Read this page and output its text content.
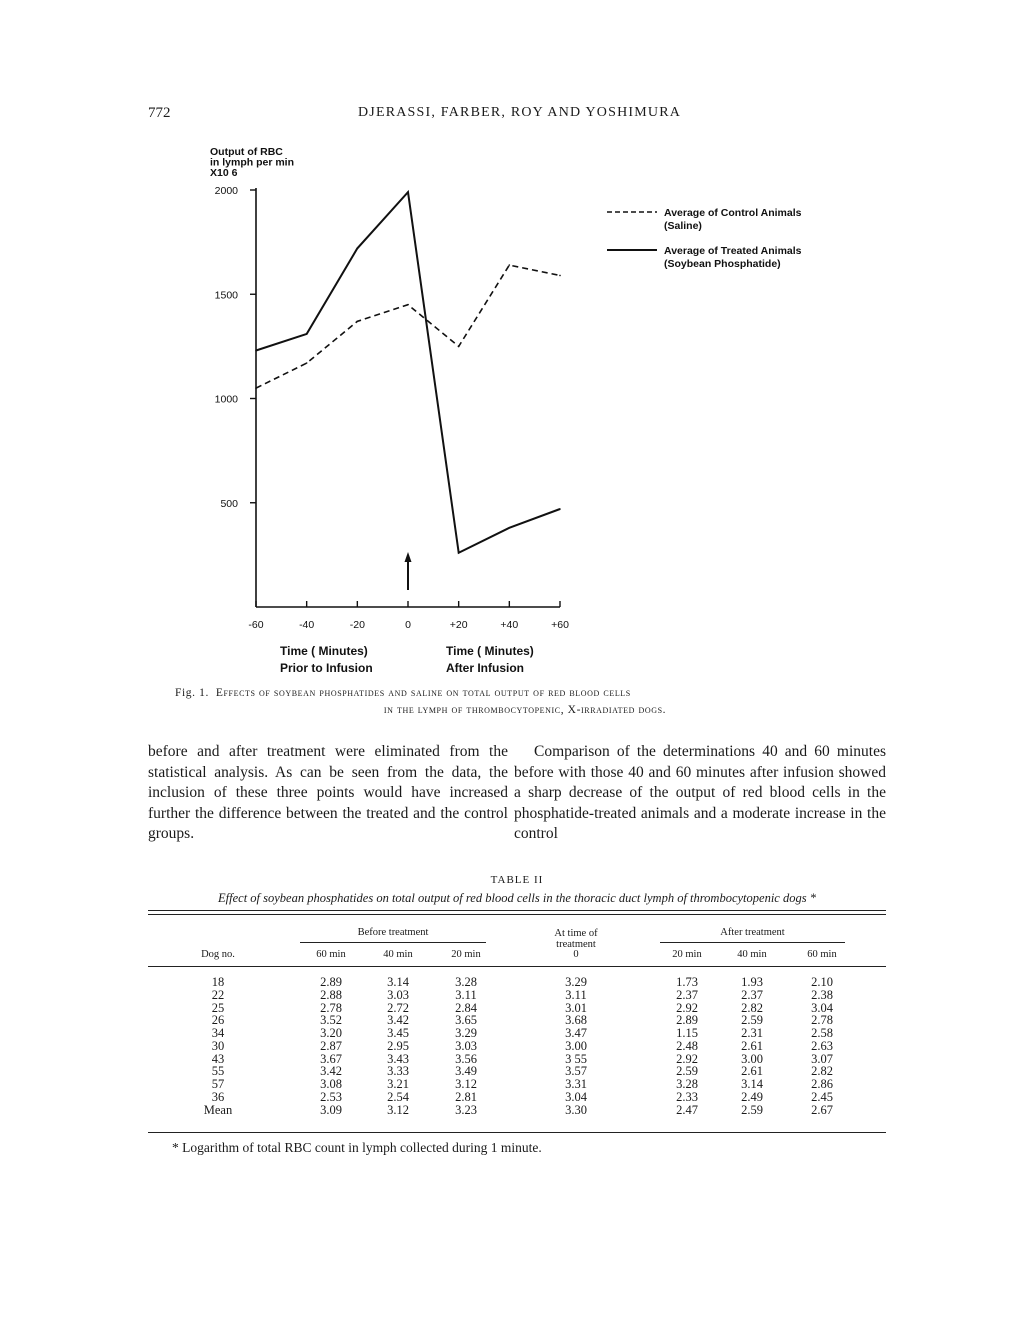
772	DJERASSI, FARBER, ROY AND YOSHIMURA
500
1000
1500
2000
-60	-40	-20	0	+20	+40	+60
Output of RBC
in lymph per min
X10 6
Time ( Minutes)
Prior to Infusion
Time ( Minutes)
After Infusion
Average of Control Animals
(Saline)
Average of Treated Animals
(Soybean Phosphatide)
Fig. 1. Effects of soybean phosphatides and saline on total output of red blood cells
in the lymph of thrombocytopenic, X-irradiated dogs.
before and after treatment were eliminated from the statistical analysis. As can be seen from the data, the inclusion of these three points would have increased further the difference between the treated and the control groups.
Comparison of the determinations 40 and 60 minutes before with those 40 and 60 minutes after infusion showed a sharp decrease of the output of red blood cells in the phosphatide-treated animals and a moderate increase in the control
TABLE II
Effect of soybean phosphatides on total output of red blood cells in the thoracic duct lymph of thrombocytopenic dogs *
Before treatment	After treatment
At time of
treatment
0
Dog no.	60 min	40 min	20 min	20 min	40 min	60 min
18	2.89	3.14	3.28	3.29	1.73	1.93	2.10
22	2.88	3.03	3.11	3.11	2.37	2.37	2.38
25	2.78	2.72	2.84	3.01	2.92	2.82	3.04
26	3.52	3.42	3.65	3.68	2.89	2.59	2.78
34	3.20	3.45	3.29	3.47	1.15	2.31	2.58
30	2.87	2.95	3.03	3.00	2.48	2.61	2.63
43	3.67	3.43	3.56	3 55	2.92	3.00	3.07
55	3.42	3.33	3.49	3.57	2.59	2.61	2.82
57	3.08	3.21	3.12	3.31	3.28	3.14	2.86
36	2.53	2.54	2.81	3.04	2.33	2.49	2.45
Mean	3.09	3.12	3.23	3.30	2.47	2.59	2.67
* Logarithm of total RBC count in lymph collected during 1 minute.
